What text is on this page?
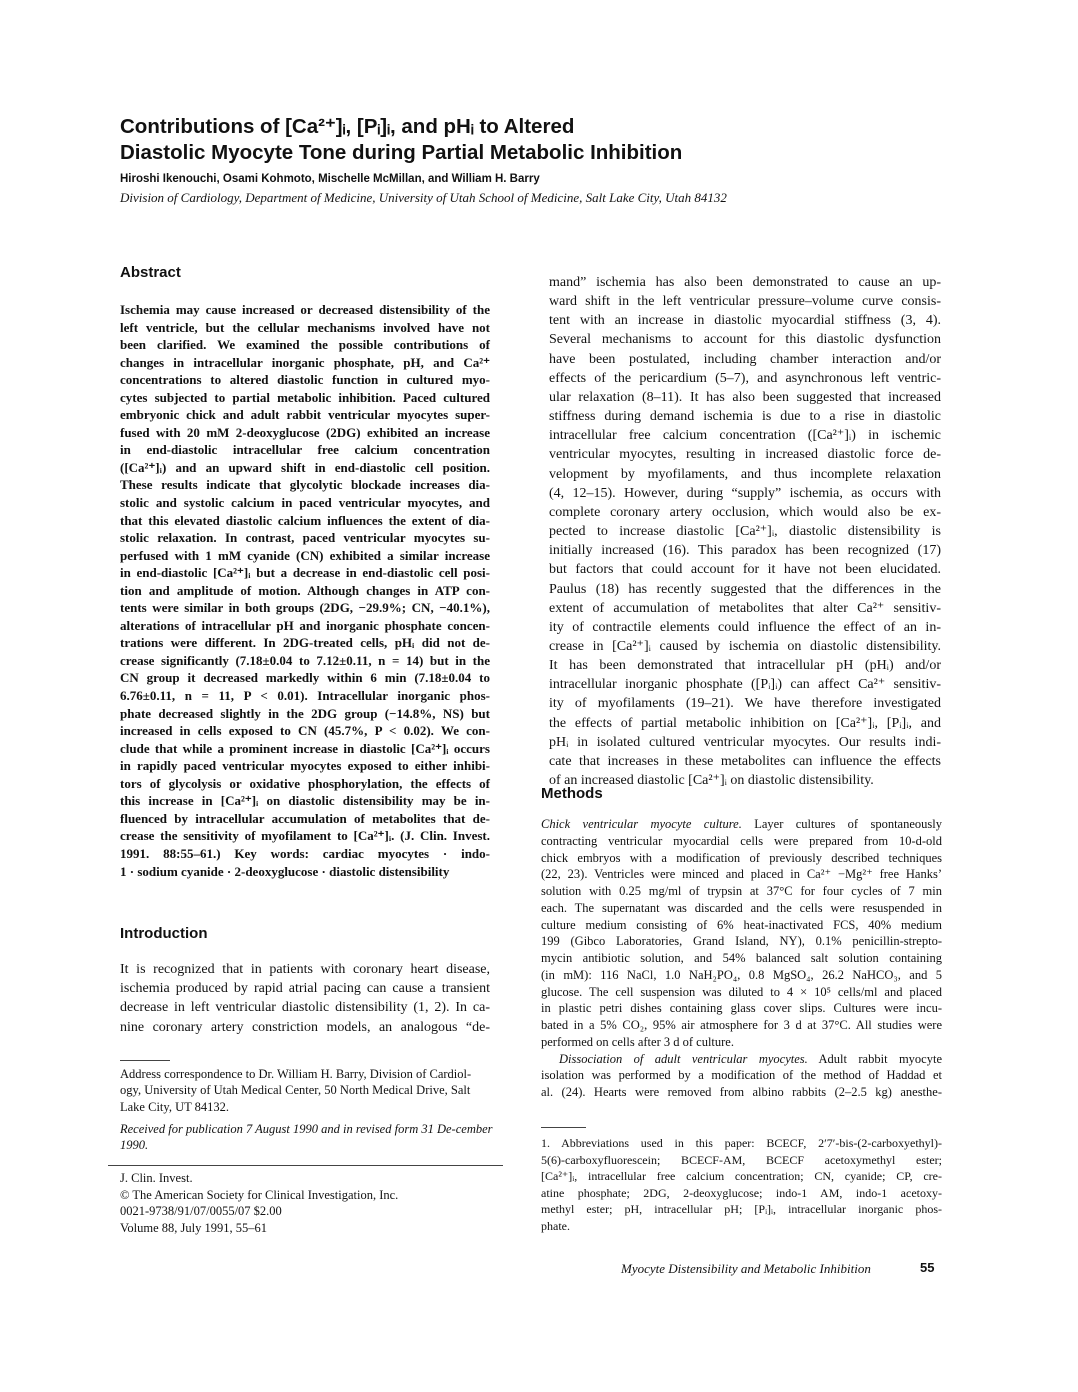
Contributions of [Ca²⁺]ᵢ, [Pᵢ]ᵢ, and pHᵢ to Altered
Diastolic Myocyte Tone during Partial Metabolic Inhibition
Hiroshi Ikenouchi, Osami Kohmoto, Mischelle McMillan, and William H. Barry
Division of Cardiology, Department of Medicine, University of Utah School of Medicine, Salt Lake City, Utah 84132
Abstract
Ischemia may cause increased or decreased distensibility of the
left ventricle, but the cellular mechanisms involved have not
been clarified. We examined the possible contributions of
changes in intracellular inorganic phosphate, pH, and Ca²⁺
concentrations to altered diastolic function in cultured myo-
cytes subjected to partial metabolic inhibition. Paced cultured
embryonic chick and adult rabbit ventricular myocytes super-
fused with 20 mM 2-deoxyglucose (2DG) exhibited an increase
in end-diastolic intracellular free calcium concentration
([Ca²⁺]ᵢ) and an upward shift in end-diastolic cell position.
These results indicate that glycolytic blockade increases dia-
stolic and systolic calcium in paced ventricular myocytes, and
that this elevated diastolic calcium influences the extent of dia-
stolic relaxation. In contrast, paced ventricular myocytes su-
perfused with 1 mM cyanide (CN) exhibited a similar increase
in end-diastolic [Ca²⁺]ᵢ but a decrease in end-diastolic cell posi-
tion and amplitude of motion. Although changes in ATP con-
tents were similar in both groups (2DG, −29.9%; CN, −40.1%),
alterations of intracellular pH and inorganic phosphate concen-
trations were different. In 2DG-treated cells, pHᵢ did not de-
crease significantly (7.18±0.04 to 7.12±0.11, n = 14) but in the
CN group it decreased markedly within 6 min (7.18±0.04 to
6.76±0.11, n = 11, P < 0.01). Intracellular inorganic phos-
phate decreased slightly in the 2DG group (−14.8%, NS) but
increased in cells exposed to CN (45.7%, P < 0.02). We con-
clude that while a prominent increase in diastolic [Ca²⁺]ᵢ occurs
in rapidly paced ventricular myocytes exposed to either inhibi-
tors of glycolysis or oxidative phosphorylation, the effects of
this increase in [Ca²⁺]ᵢ on diastolic distensibility may be in-
fluenced by intracellular accumulation of metabolites that de-
crease the sensitivity of myofilament to [Ca²⁺]ᵢ. (J. Clin. Invest.
1991. 88:55–61.) Key words: cardiac myocytes · indo-
1 · sodium cyanide · 2-deoxyglucose · diastolic distensibility
Introduction
It is recognized that in patients with coronary heart disease,
ischemia produced by rapid atrial pacing can cause a transient
decrease in left ventricular diastolic distensibility (1, 2). In ca-
nine coronary artery constriction models, an analogous “de-
Address correspondence to Dr. William H. Barry, Division of Cardiol-
ogy, University of Utah Medical Center, 50 North Medical Drive, Salt
Lake City, UT 84132.
Received for publication 7 August 1990 and in revised form 31 De-cember 1990.
J. Clin. Invest.
© The American Society for Clinical Investigation, Inc.
0021-9738/91/07/0055/07 $2.00
Volume 88, July 1991, 55–61
mand” ischemia has also been demonstrated to cause an up-
ward shift in the left ventricular pressure–volume curve consis-
tent with an increase in diastolic myocardial stiffness (3, 4).
Several mechanisms to account for this diastolic dysfunction
have been postulated, including chamber interaction and/or
effects of the pericardium (5–7), and asynchronous left ventric-
ular relaxation (8–11). It has also been suggested that increased
stiffness during demand ischemia is due to a rise in diastolic
intracellular free calcium concentration ([Ca²⁺]ᵢ) in ischemic
ventricular myocytes, resulting in increased diastolic force de-
velopment by myofilaments, and thus incomplete relaxation
(4, 12–15). However, during “supply” ischemia, as occurs with
complete coronary artery occlusion, which would also be ex-
pected to increase diastolic [Ca²⁺]ᵢ, diastolic distensibility is
initially increased (16). This paradox has been recognized (17)
but factors that could account for it have not been elucidated.
Paulus (18) has recently suggested that the differences in the
extent of accumulation of metabolites that alter Ca²⁺ sensitiv-
ity of contractile elements could influence the effect of an in-
crease in [Ca²⁺]ᵢ caused by ischemia on diastolic distensibility.
It has been demonstrated that intracellular pH (pHᵢ) and/or
intracellular inorganic phosphate ([Pᵢ]ᵢ) can affect Ca²⁺ sensitiv-
ity of myofilaments (19–21). We have therefore investigated
the effects of partial metabolic inhibition on [Ca²⁺]ᵢ, [Pᵢ]ᵢ, and
pHᵢ in isolated cultured ventricular myocytes. Our results indi-
cate that increases in these metabolites can influence the effects
of an increased diastolic [Ca²⁺]ᵢ on diastolic distensibility.
Methods
Chick ventricular myocyte culture. Layer cultures of spontaneously
contracting ventricular myocardial cells were prepared from 10-d-old
chick embryos with a modification of previously described techniques
(22, 23). Ventricles were minced and placed in Ca²⁺ −Mg²⁺ free Hanks’
solution with 0.25 mg/ml of trypsin at 37°C for four cycles of 7 min
each. The supernatant was discarded and the cells were resuspended in
culture medium consisting of 6% heat-inactivated FCS, 40% medium
199 (Gibco Laboratories, Grand Island, NY), 0.1% penicillin-strepto-
mycin antibiotic solution, and 54% balanced salt solution containing
(in mM): 116 NaCl, 1.0 NaH₂PO₄, 0.8 MgSO₄, 26.2 NaHCO₃, and 5
glucose. The cell suspension was diluted to 4 × 10⁵ cells/ml and placed
in plastic petri dishes containing glass cover slips. Cultures were incu-
bated in a 5% CO₂, 95% air atmosphere for 3 d at 37°C. All studies were
performed on cells after 3 d of culture.
Dissociation of adult ventricular myocytes. Adult rabbit myocyte
isolation was performed by a modification of the method of Haddad et
al. (24). Hearts were removed from albino rabbits (2–2.5 kg) anesthe-
1. Abbreviations used in this paper: BCECF, 2′7′-bis-(2-carboxyethyl)-
5(6)-carboxyfluorescein; BCECF-AM, BCECF acetoxymethyl ester;
[Ca²⁺]ᵢ, intracellular free calcium concentration; CN, cyanide; CP, cre-
atine phosphate; 2DG, 2-deoxyglucose; indo-1 AM, indo-1 acetoxy-
methyl ester; pH, intracellular pH; [Pᵢ]ᵢ, intracellular inorganic phos-
phate.
Myocyte Distensibility and Metabolic Inhibition	55
